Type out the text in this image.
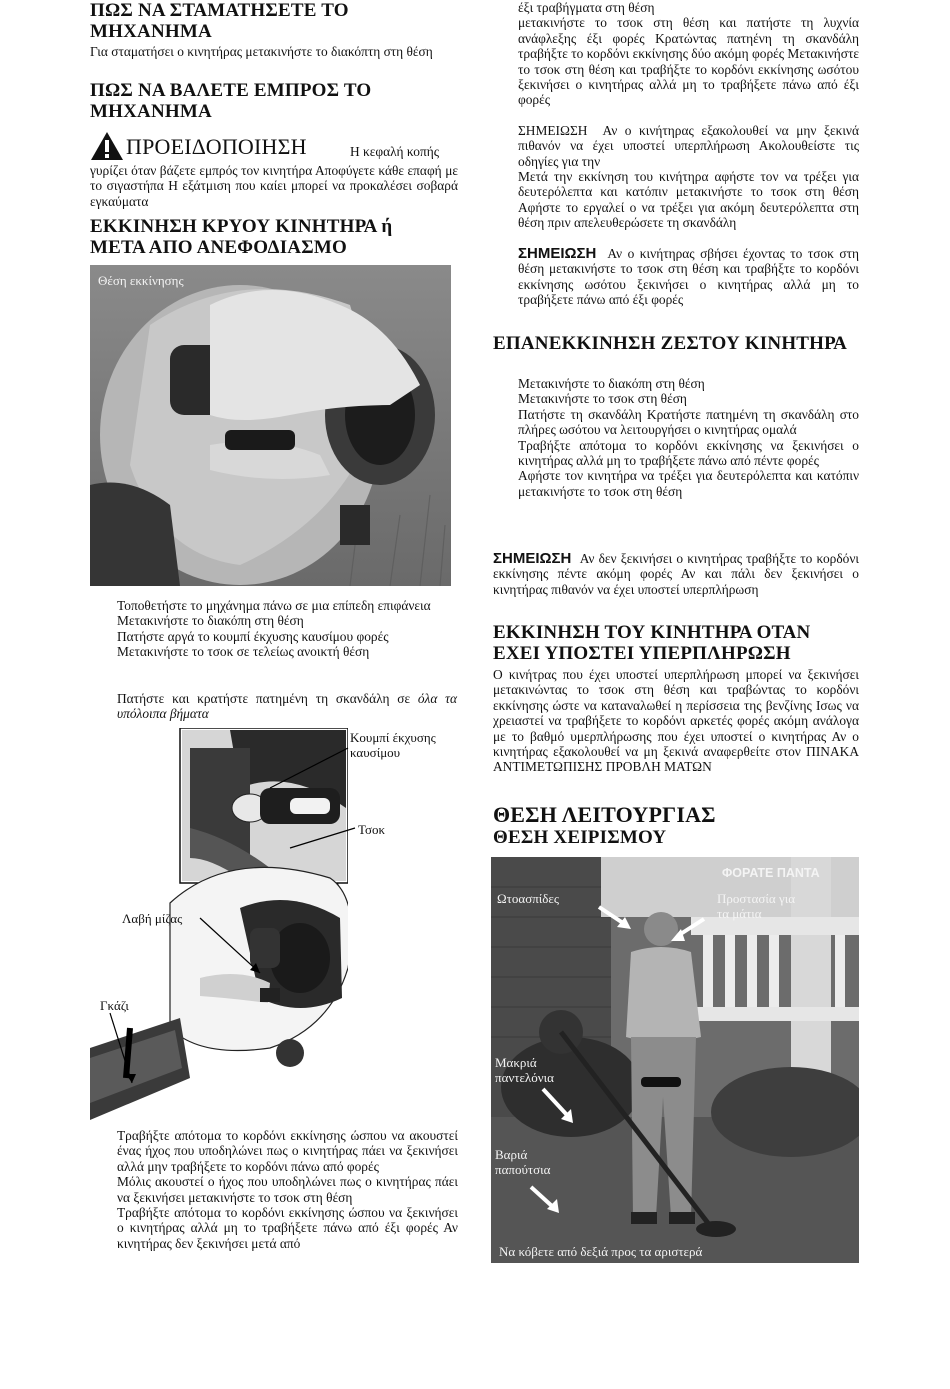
ΠΩΣ ΝΑ ΣΤΑΜΑΤΗΣΕΤΕ ΤΟ ΜΗΧΑΝΗΜΑ
Για σταματήσει ο κινητήρας μετακινήστε το διακόπτη στη θέση
ΠΩΣ ΝΑ ΒΑΛΕΤΕ ΕΜΠΡΟΣ ΤΟ ΜΗΧΑΝΗΜΑ
ΠΡΟΕΙΔΟΠΟΙΗΣΗ	Η κεφαλή κοπής
γυρίζει όταν βάζετε εμπρός τον κινητήρα Αποφύγετε κάθε επαφή με το σιγαστήπα Η εξάτμιση που καίει μπορεί να προκαλέσει σοβαρά εγκαύματα
ΕΚΚΙΝΗΣΗ ΚΡΥΟΥ ΚΙΝΗΤΗΡΑ ή ΜΕΤΑ ΑΠΟ ΑΝΕΦΟΔΙΑΣΜΟ
Θέση εκκίνησης

Τοποθετήστε το μηχάνημα πάνω σε μια επίπεδη επιφάνεια

Μετακινήστε το διακόπη στη θέση

Πατήστε αργά το κουμπί έκχυσης καυσίμου φορές

Μετακινήστε το τσοκ σε τελείως ανοικτή θέση

Πατήστε και κρατήστε πατημένη τη σκανδάλη σε όλα τα υπόλοιπα βήματα
Κουμπί έκχυσης καυσίμου
Τσοκ
Λαβή μίζας
Γκάζι

Τραβήξτε απότομα το κορδόνι εκκίνησης ώσπου να ακουστεί ένας ήχος που υποδηλώνει πως ο κινητήρας πάει να ξεκινήσει αλλά μην τραβήξετε το κορδόνι πάνω από φορές

Μόλις ακουστεί ο ήχος που υποδηλώνει πως ο κινητήρας πάει να ξεκινήσει μετακινήστε το τσοκ στη θέση

Τραβήξτε απότομα το κορδόνι εκκίνησης ώσπου να ξεκινήσει ο κινητήρας αλλά μη το τραβήξετε πάνω από έξι φορές Αν κινητήρας δεν ξεκινήσει μετά από

έξι τραβήγματα στη θέση

μετακινήστε το τσοκ στη θέση και πατήστε τη λυχνία ανάφλεξης έξι φορές Κρατώντας πατηένη τη σκανδάλη τραβήξτε το κορδόνι εκκίνησης δύο ακόμη φορές Μετακινήστε το τσοκ στη θέση και τραβήξτε το κορδόνι εκκίνησης ωσότου ξεκινήσει ο κινητήρας αλλά μη το τραβήξετε πάνω από έξι φορές

ΣΗΜΕΙΩΣΗ Αν ο κινήτηρας εξακολουθεί να μην ξεκινά πιθανόν να έχει υποστεί υπερπλήρωση Ακολουθείστε τις οδηγίες για την
Μετά την εκκίνηση του κινήτηρα αφήστε τον να τρέξει για δευτερόλεπτα και κατόπιν μετακινήστε το τσοκ στη θέση Αφήστε το εργαλεί ο να τρέξει για ακόμη δευτερόλεπτα στη θέση πριν απελευθερώσετε τη σκανδάλη
ΣΗΜΕΙΩΣΗ Αν ο κινήτηρας σβήσει έχοντας το τσοκ στη θέση μετακινήστε το τσοκ στη θέση και τραβήξτε το κορδόνι εκκίνησης ωσότου ξεκινήσει ο κινητήρας αλλά μη το τραβήξετε πάνω από έξι φορές
ΕΠΑΝΕΚΚΙΝΗΣΗ ΖΕΣΤΟΥ ΚΙΝΗΤΗΡΑ

Μετακινήστε το διακόπη στη θέση

Μετακινήστε το τσοκ στη θέση

Πατήστε τη σκανδάλη Κρατήστε πατημένη τη σκανδάλη στο πλήρες ωσότου να λειτουργήσει ο κινητήρας ομαλά

Τραβήξτε απότομα το κορδόνι εκκίνησης να ξεκινήσει ο κινητήρας αλλά μη το τραβήξετε πάνω από πέντε φορές

Αφήστε τον κινητήρα να τρέξει για δευτερόλεπτα και κατόπιν μετακινήστε το τσοκ στη θέση

ΣΗΜΕΙΩΣΗ Αν δεν ξεκινήσει ο κινητήρας τραβήξτε το κορδόνι εκκίνησης πέντε ακόμη φορές Αν και πάλι δεν ξεκινήσει ο κινητήρας πιθανόν να έχει υποστεί υπερπλήρωση
ΕΚΚΙΝΗΣΗ ΤΟΥ ΚΙΝΗΤΗΡΑ ΟΤΑΝ ΕΧΕΙ ΥΠΟΣΤΕΙ ΥΠΕΡΠΛΗΡΩΣΗ
Ο κινήτρας που έχει υποστεί υπερπλήρωση μπορεί να ξεκινήσει μετακινώντας το τσοκ στη θέση και τραβώντας το κορδόνι εκκίνησης ώστε να καταναλωθεί η περίσσεια της βενζίνης Ισως να χρειαστεί να τραβήξετε το κορδόνι αρκετές φορές ακόμη ανάλογα με το βαθμό υμερπλήρωσης που έχει υποστεί ο κινητήρας Αν ο κινητήρας εξακολουθεί να μη ξεκινά αναφερθείτε στον ΠΙΝΑΚΑ ΑΝΤΙΜΕΤΩΠΙΣΗΣ ΠΡΟΒΛΗ ΜΑΤΩΝ
ΘΕΣΗ ΛΕΙΤΟΥΡΓΙΑΣ
ΘΕΣΗ ΧΕΙΡΙΣΜΟΥ
ΦΟΡΑΤΕ ΠΑΝΤΑ
Ωτοασπίδες	Προστασία για τα μάτια
Μακριά παντελόνια
Βαριά παπούτσια
Να κόβετε από δεξιά προς τα αριστερά
